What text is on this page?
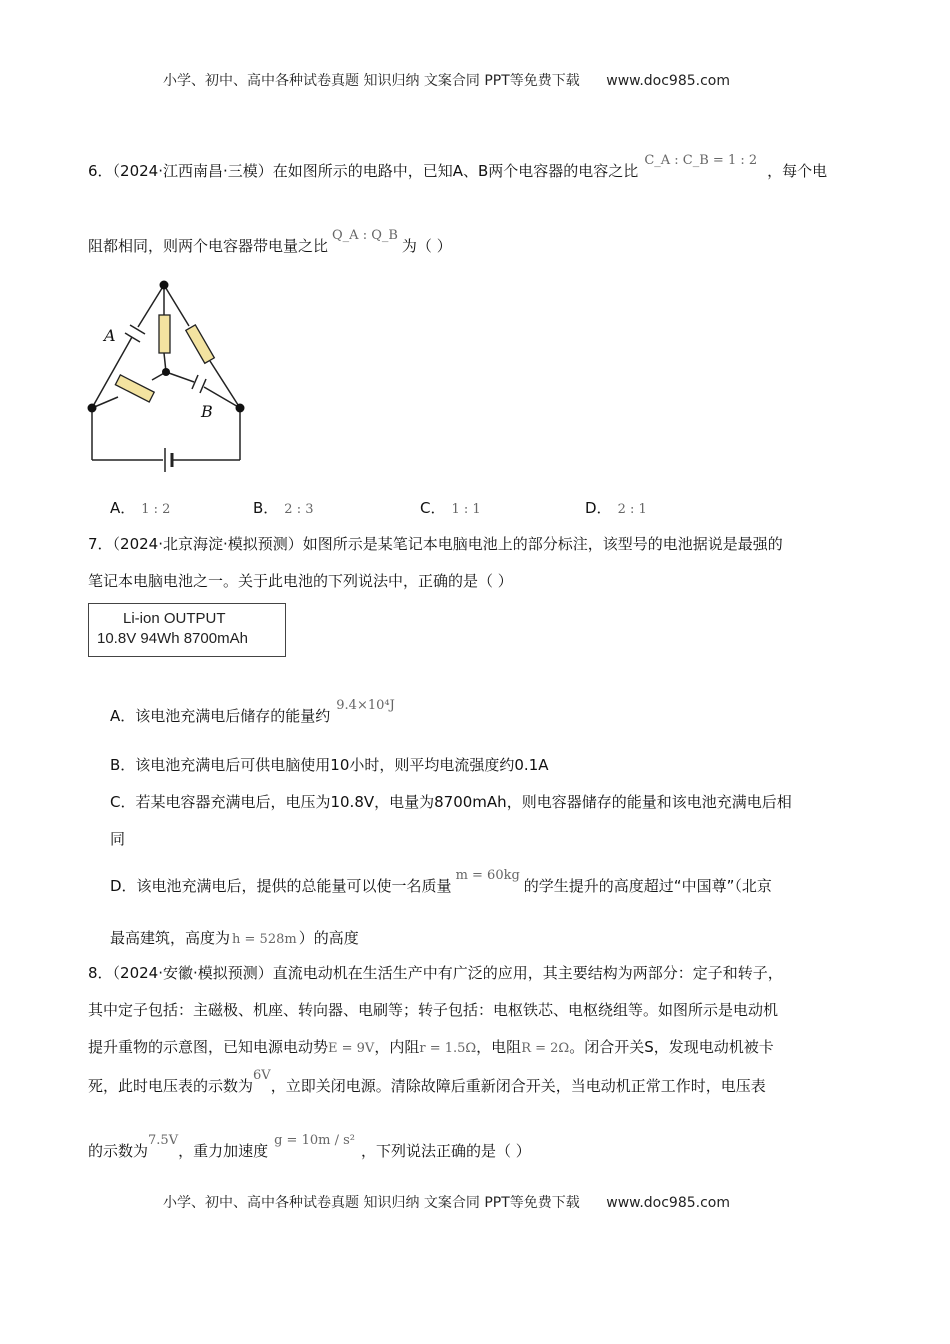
小学、初中、高中各种试卷真题 知识归纳 文案合同 PPT等免费下载 www.doc985.com
6．（2024·江西南昌·三模）在如图所示的电路中，已知A、B两个电容器的电容之比C_A : C_B = 1 : 2，每个电
阻都相同，则两个电容器带电量之比Q_A : Q_B为（ ）
A
B
A． 1 : 2	B． 2 : 3	C． 1 : 1	D． 2 : 1
7．（2024·北京海淀·模拟预测）如图所示是某笔记本电脑电池上的部分标注，该型号的电池据说是最强的
笔记本电脑电池之一。关于此电池的下列说法中，正确的是（ ）
Li-ion OUTPUT
10.8V 94Wh 8700mAh
A．该电池充满电后储存的能量约9.4×10⁴J
B．该电池充满电后可供电脑使用10小时，则平均电流强度约0.1A
C．若某电容器充满电后，电压为10.8V，电量为8700mAh，则电容器储存的能量和该电池充满电后相
同
D．该电池充满电后，提供的总能量可以使一名质量m = 60kg的学生提升的高度超过“中国尊”（北京
最高建筑，高度为 h = 528m ）的高度
8．（2024·安徽·模拟预测）直流电动机在生活生产中有广泛的应用，其主要结构为两部分：定子和转子，
其中定子包括：主磁极、机座、转向器、电刷等；转子包括：电枢铁芯、电枢绕组等。如图所示是电动机
提升重物的示意图，已知电源电动势E = 9V，内阻r = 1.5Ω，电阻R = 2Ω。闭合开关S，发现电动机被卡
死，此时电压表的示数为6V，立即关闭电源。清除故障后重新闭合开关，当电动机正常工作时，电压表
的示数为7.5V，重力加速度g = 10m / s²，下列说法正确的是（ ）
小学、初中、高中各种试卷真题 知识归纳 文案合同 PPT等免费下载 www.doc985.com
